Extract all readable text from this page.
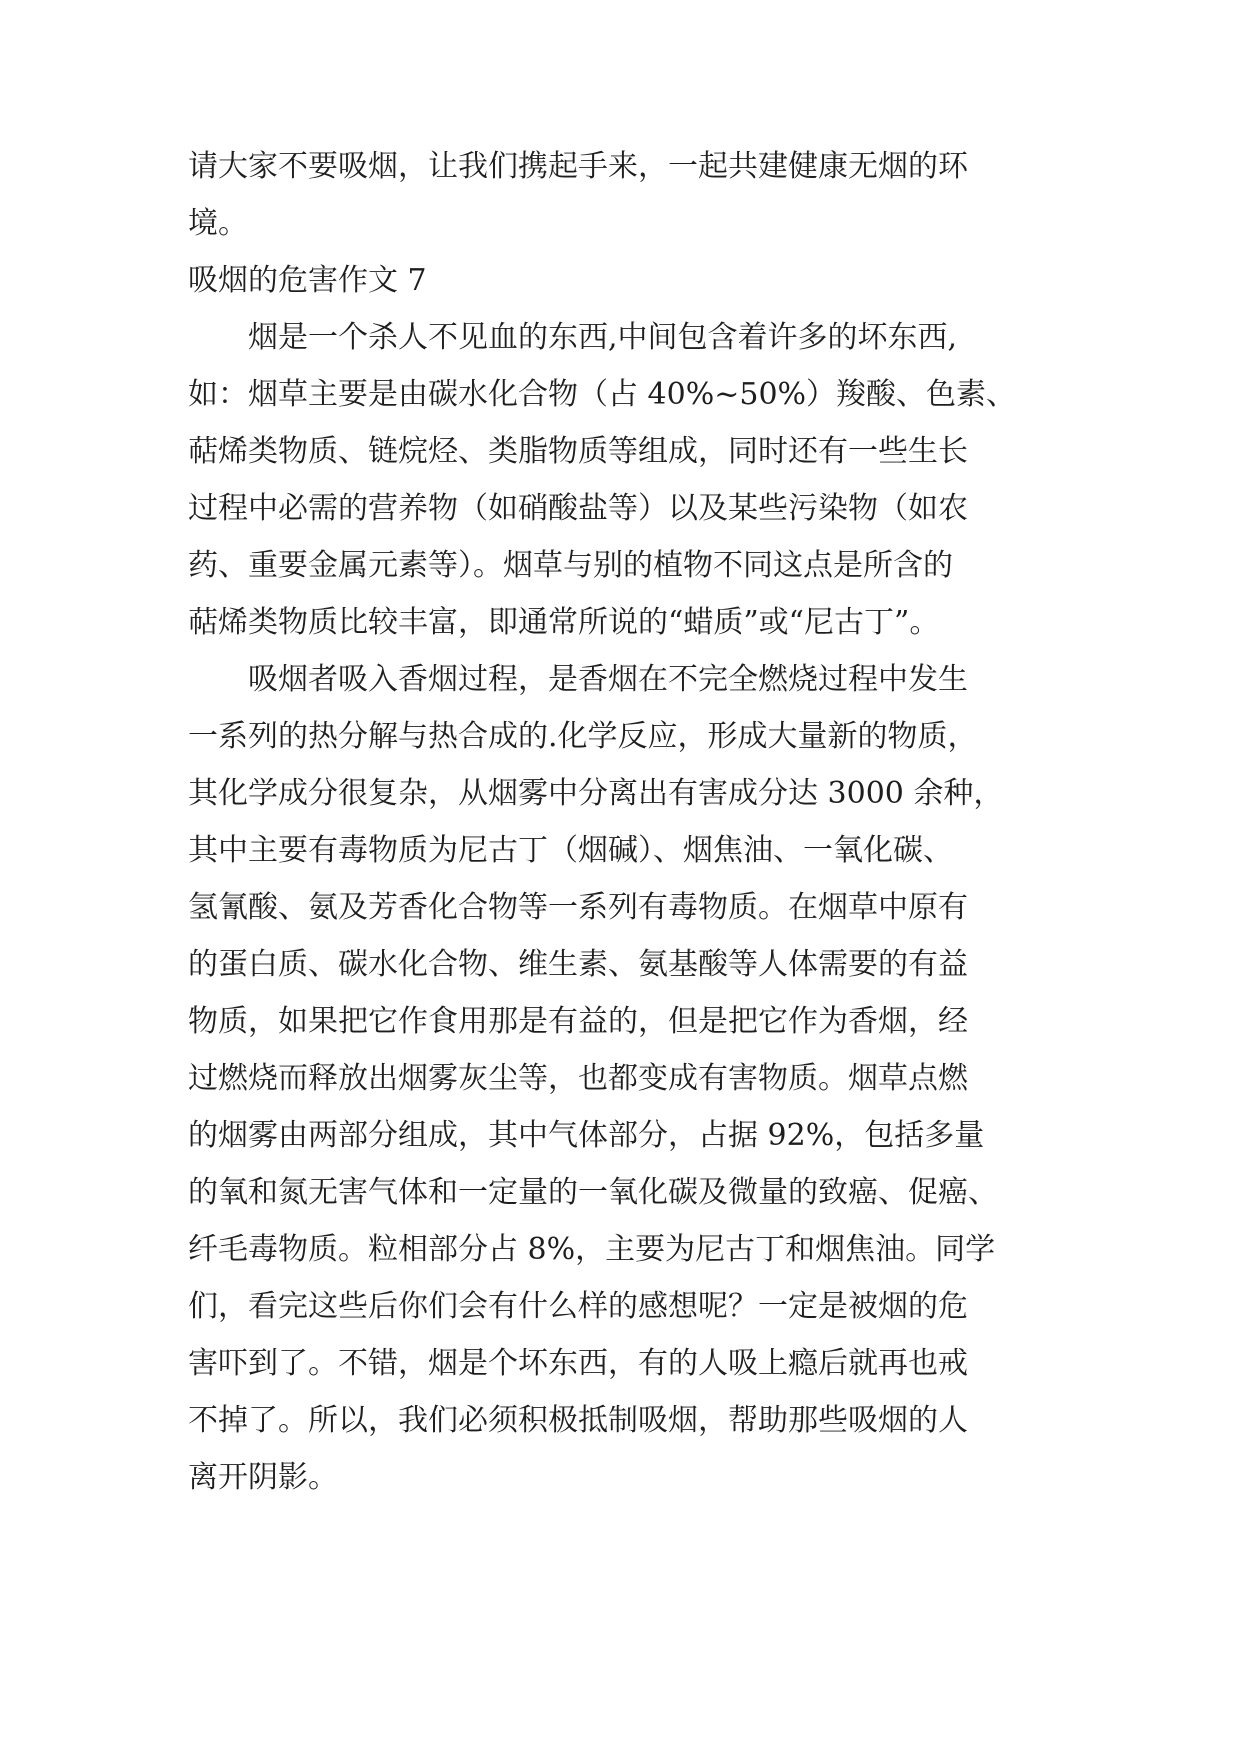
请大家不要吸烟，让我们携起手来，一起共建健康无烟的环
境。
吸烟的危害作文 7
　　烟是一个杀人不见血的东西,中间包含着许多的坏东西,
如：烟草主要是由碳水化合物（占 40%~50%）羧酸、色素、
萜烯类物质、链烷烃、类脂物质等组成，同时还有一些生长
过程中必需的营养物（如硝酸盐等）以及某些污染物（如农
药、重要金属元素等）。烟草与别的植物不同这点是所含的
萜烯类物质比较丰富，即通常所说的“蜡质”或“尼古丁”。
　　吸烟者吸入香烟过程，是香烟在不完全燃烧过程中发生
一系列的热分解与热合成的.化学反应，形成大量新的物质，
其化学成分很复杂，从烟雾中分离出有害成分达 3000 余种，
其中主要有毒物质为尼古丁（烟碱）、烟焦油、一氧化碳、
氢氰酸、氨及芳香化合物等一系列有毒物质。在烟草中原有
的蛋白质、碳水化合物、维生素、氨基酸等人体需要的有益
物质，如果把它作食用那是有益的，但是把它作为香烟，经
过燃烧而释放出烟雾灰尘等，也都变成有害物质。烟草点燃
的烟雾由两部分组成，其中气体部分，占据 92%，包括多量
的氧和氮无害气体和一定量的一氧化碳及微量的致癌、促癌、
纤毛毒物质。粒相部分占 8%，主要为尼古丁和烟焦油。同学
们，看完这些后你们会有什么样的感想呢？一定是被烟的危
害吓到了。不错，烟是个坏东西，有的人吸上瘾后就再也戒
不掉了。所以，我们必须积极抵制吸烟，帮助那些吸烟的人
离开阴影。
